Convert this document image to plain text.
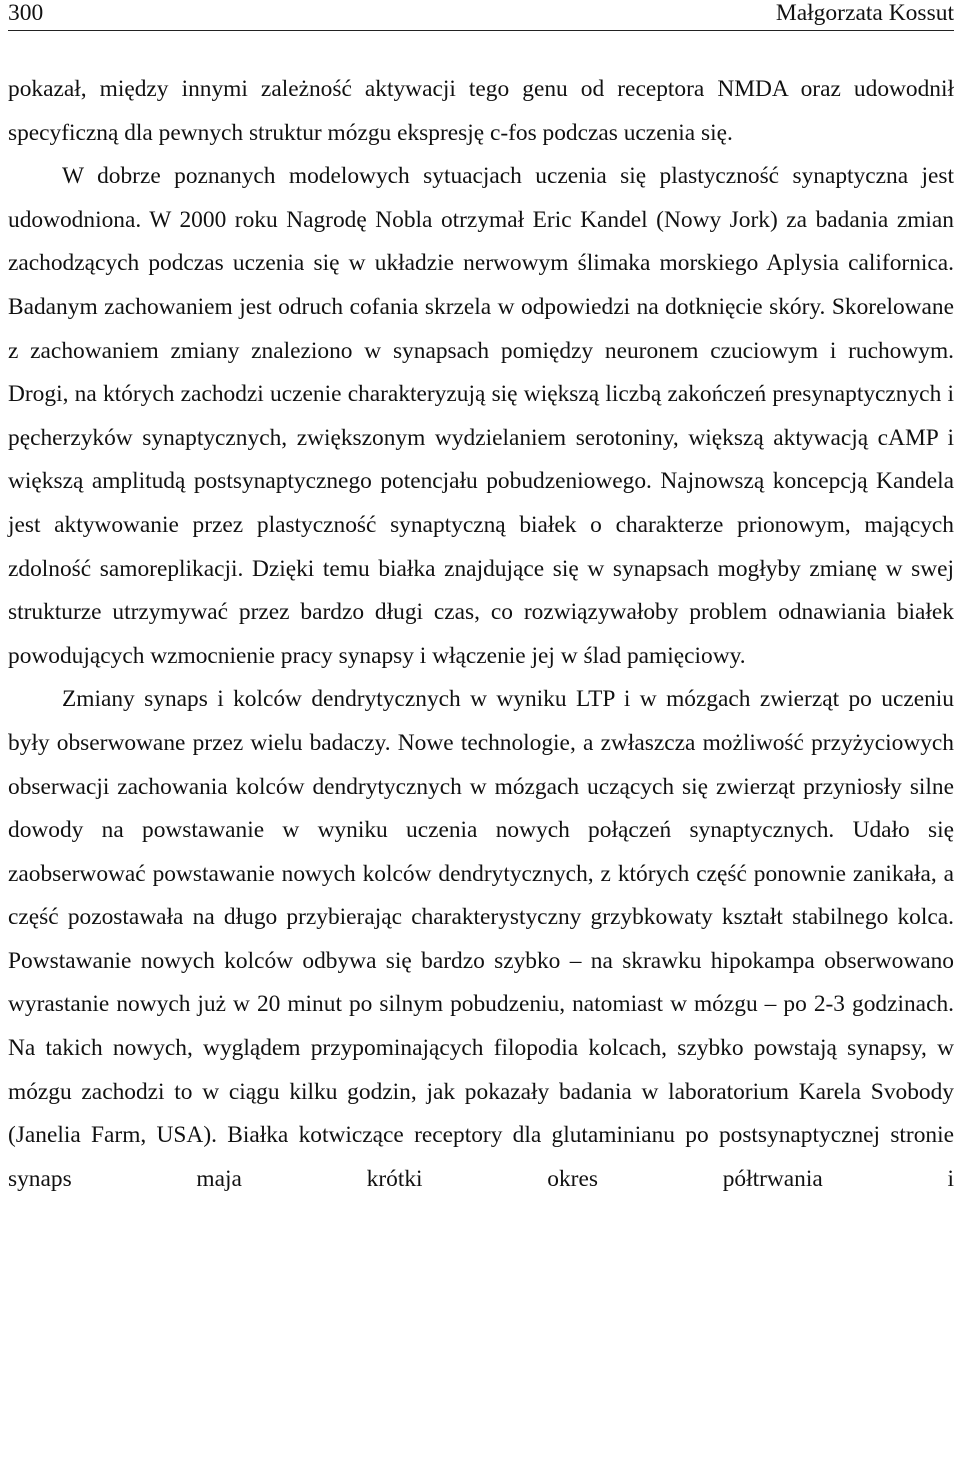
300	Małgorzata Kossut

pokazał, między innymi zależność aktywacji tego genu od receptora NMDA oraz udowodnił specyficzną dla pewnych struktur mózgu ekspresję c-fos podczas uczenia się.

W dobrze poznanych modelowych sytuacjach uczenia się plastyczność synaptyczna jest udowodniona. W 2000 roku Nagrodę Nobla otrzymał Eric Kandel (Nowy Jork) za badania zmian zachodzących podczas uczenia się w układzie nerwowym ślimaka morskiego Aplysia californica. Badanym zachowaniem jest odruch cofania skrzela w odpowiedzi na dotknięcie skóry. Skorelowane z zachowaniem zmiany znaleziono w synapsach pomiędzy neuronem czuciowym i ruchowym. Drogi, na których zachodzi uczenie charakteryzują się większą liczbą zakończeń presynaptycznych i pęcherzyków synaptycznych, zwiększonym wydzielaniem serotoniny, większą aktywacją cAMP i większą amplitudą postsynaptycznego potencjału pobudzeniowego. Najnowszą koncepcją Kandela jest aktywowanie przez plastyczność synaptyczną białek o charakterze prionowym, mających zdolność samoreplikacji. Dzięki temu białka znajdujące się w synapsach mogłyby zmianę w swej strukturze utrzymywać przez bardzo długi czas, co rozwiązywałoby problem odnawiania białek powodujących wzmocnienie pracy synapsy i włączenie jej w ślad pamięciowy.

Zmiany synaps i kolców dendrytycznych w wyniku LTP i w mózgach zwierząt po uczeniu były obserwowane przez wielu badaczy. Nowe technologie, a zwłaszcza możliwość przyżyciowych obserwacji zachowania kolców dendrytycznych w mózgach uczących się zwierząt przyniosły silne dowody na powstawanie w wyniku uczenia nowych połączeń synaptycznych. Udało się zaobserwować powstawanie nowych kolców dendrytycznych, z których część ponownie zanikała, a część pozostawała na długo przybierając charakterystyczny grzybkowaty kształt stabilnego kolca. Powstawanie nowych kolców odbywa się bardzo szybko – na skrawku hipokampa obserwowano wyrastanie nowych już w 20 minut po silnym pobudzeniu, natomiast w mózgu – po 2-3 godzinach. Na takich nowych, wyglądem przypominających filopodia kolcach, szybko powstają synapsy, w mózgu zachodzi to w ciągu kilku godzin, jak pokazały badania w laboratorium Karela Svobody (Janelia Farm, USA). Białka kotwiczące receptory dla glutaminianu po postsynaptycznej stronie synaps maja krótki okres półtrwania i
